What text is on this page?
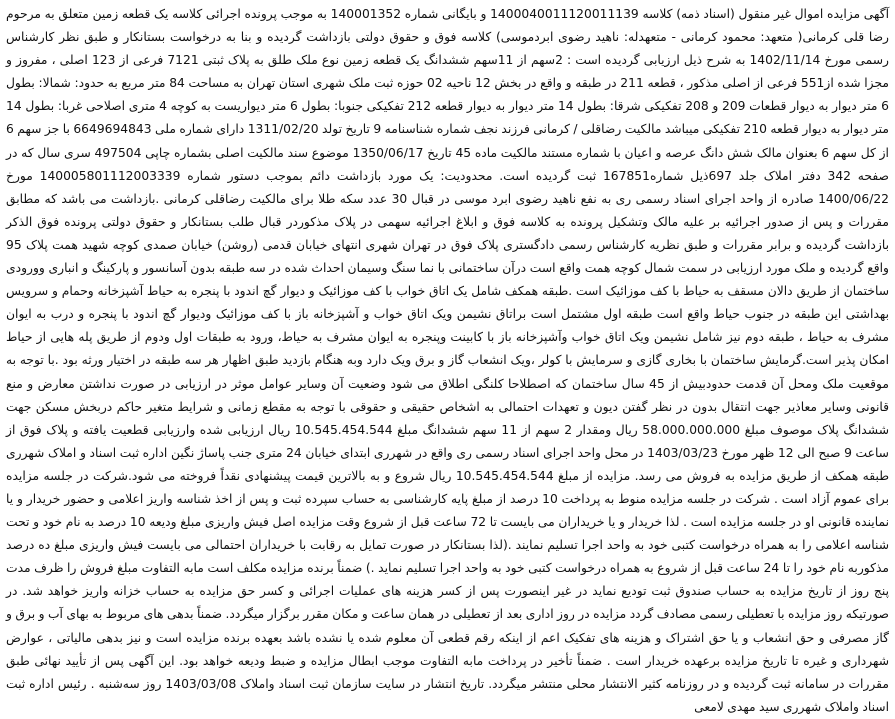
آگهی مزایده اموال غیر منقول (اسناد ذمه) کلاسه 1400040011120011139 و بایگانی شماره 140001352 به موجب پرونده اجرائی کلاسه یک قطعه زمین متعلق به مرحوم رضا قلی کرمانی( متعهد: محمود کرمانی - متعهدله: ناهید رضوی ابردموسی) کلاسه فوق و حقوق دولتی بازداشت گردیده و بنا به درخواست بستانکار و طبق نظر کارشناس رسمی مورخ 1402/11/14 به شرح ذیل ارزیابی گردیده است : 2سهم از 11سهم ششدانگ یک قطعه زمین نوع ملک طلق به پلاک ثبتی 7121 فرعی از 123 اصلی ، مفروز و مجزا شده از551 فرعی از اصلی مذکور ، قطعه 211 در طبقه و واقع در بخش 12 ناحیه 02 حوزه ثبت ملک شهری استان تهران به مساحت 84 متر مربع به حدود: شمالا: بطول 6 متر دیوار به دیوار قطعات 209 و 208 تفکیکی شرقا: بطول 14 متر دیوار به دیوار قطعه 212 تفکیکی جنوبا: بطول 6 متر دیواریست به کوچه 4 متری اصلاحی غربا: بطول 14 متر دیوار به دیوار قطعه 210 تفکیکی میباشد مالکیت رضاقلی / کرمانی فرزند نجف شماره شناسنامه 9 تاریخ تولد 1311/02/20 دارای شماره ملی 6649694843 با جز سهم 6 از کل سهم 6 بعنوان مالک شش دانگ عرصه و اعیان با شماره مستند مالکیت ماده 45 تاریخ 1350/06/17 موضوع سند مالکیت اصلی بشماره چاپی 497504 سری سال که در صفحه 342 دفتر املاک جلد 697ذیل شماره167851 ثبت گردیده است. محدودیت: یک مورد بازداشت دائم بموجب دستور شماره 140005801112003339 مورخ 1400/06/22 صادره از واحد اجرای اسناد رسمی ری به نفع ناهید رضوی ابرد موسی در قبال 30 عدد سکه طلا برای مالکیت رضاقلی کرمانی .بازداشت می باشد که مطابق مقررات و پس از صدور اجرائیه بر علیه مالک وتشکیل پرونده به کلاسه فوق و ابلاغ اجرائیه سهمی در پلاک مذکوردر قبال طلب بستانکار و حقوق دولتی پرونده فوق الذکر بازداشت گردیده و برابر مقررات و طبق نظریه کارشناس رسمی دادگستری پلاک فوق در تهران شهری انتهای خیابان قدمی (روشن) خیابان صمدی کوچه شهید همت پلاک 95 واقع گردیده و ملک مورد ارزیابی در سمت شمال کوچه همت واقع است درآن ساختمانی با نما سنگ وسیمان احداث شده در سه طبقه بدون آسانسور و پارکینگ و انباری وورودی ساختمان از طریق دالان مسقف به حیاط با کف موزائیک است .طبقه همکف شامل یک اتاق خواب با کف موزائیک و دیوار گچ اندود با پنجره به حیاط آشپزخانه وحمام و سرویس بهداشتی این طبقه در جنوب حیاط واقع است طبقه اول مشتمل است براتاق نشیمن ویک اتاق خواب و آشپزخانه باز با کف موزائیک ودیوار گچ اندود با پنجره و درب به ایوان مشرف به حیاط ، طبقه دوم نیز شامل نشیمن ویک اتاق خواب وآشپزخانه باز با کابینت وپنجره به ایوان مشرف به حیاط، ورود به طبقات اول ودوم از طریق پله هایی از حیاط امکان پذیر است.گرمایش ساختمان با بخاری گازی و سرمایش با کولر ،ویک انشعاب گاز و برق ویک دارد وبه هنگام بازدید طبق اظهار هر سه طبقه در اختیار ورثه بود .با توجه به موقعیت ملک ومحل آن قدمت حدودبیش از 45 سال ساختمان که اصطلاحا کلنگی اطلاق می شود وضعیت آن وسایر عوامل موثر در ارزیابی در صورت نداشتن معارض و منع قانونی وسایر معاذیر جهت انتقال بدون در نظر گفتن دیون و تعهدات احتمالی به اشخاص حقیقی و حقوقی با توجه به مقطع زمانی و شرایط متغیر حاکم دربخش مسکن جهت ششدانگ پلاک موصوف مبلغ 58.000.000.000 ریال ومقدار 2 سهم از 11 سهم ششدانگ مبلغ 10.545.454.544 ریال ارزیابی شده وارزیابی قطعیت یافته و پلاک فوق از ساعت 9 صبح الی 12 ظهر مورخ 1403/03/23 در محل واحد اجرای اسناد رسمی ری واقع در شهرری ابتدای خیابان 24 متری جنب پاساژ نگین اداره ثبت اسناد و املاک شهرری طبقه همکف از طریق مزایده به فروش می رسد. مزایده از مبلغ 10.545.454.544 ریال شروع و به بالاترین قیمت پیشنهادی نقداً فروخته می شود.شرکت در جلسه مزایده برای عموم آزاد است . شرکت در جلسه مزایده منوط به پرداخت 10 درصد از مبلغ پایه کارشناسی به حساب سپرده ثبت و پس از اخذ شناسه واریز اعلامی و حضور خریدار و یا نماینده قانونی او در جلسه مزایده است . لذا خریدار و یا خریداران می بایست تا 72 ساعت قبل از شروع وقت مزایده اصل فیش واریزی مبلغ ودیعه 10 درصد به نام خود و تحت شناسه اعلامی را به همراه درخواست کتبی خود به واحد اجرا تسلیم نمایند .(لذا بستانکار در صورت تمایل به رقابت با خریداران احتمالی می بایست فیش واریزی مبلغ ده درصد مذکوربه نام خود را تا 24 ساعت قبل از شروع به همراه درخواست کتبی خود به واحد اجرا تسلیم نماید .) ضمناً برنده مزایده مکلف است مابه التفاوت مبلغ فروش را ظرف مدت پنج روز از تاریخ مزایده به حساب صندوق ثبت تودیع نماید در غیر اینصورت پس از کسر هزینه های عملیات اجرائی و کسر حق مزایده به حساب خزانه واریز خواهد شد. در صورتیکه روز مزایده با تعطیلی رسمی مصادف گردد مزایده در روز اداری بعد از تعطیلی در همان ساعت و مکان مقرر برگزار میگردد. ضمناً بدهی های مربوط به بهای آب و برق و گاز مصرفی و حق انشعاب و یا حق اشتراک و هزینه های تفکیک اعم از اینکه رقم قطعی آن معلوم شده یا نشده باشد بعهده برنده مزایده است و نیز بدهی مالیاتی ، عوارض شهرداری و غیره تا تاریخ مزایده برعهده خریدار است . ضمناً تأخیر در پرداخت مابه التفاوت موجب ابطال مزایده و ضبط ودیعه خواهد بود. این آگهی پس از تأیید نهائی طبق مقررات در سامانه ثبت گردیده و در روزنامه کثیر الانتشار محلی منتشر میگردد. تاریخ انتشار در سایت سازمان ثبت اسناد واملاک 1403/03/08 روز سه‌شنبه . رئیس اداره ثبت اسناد واملاک شهرری سید مهدی لامعی
